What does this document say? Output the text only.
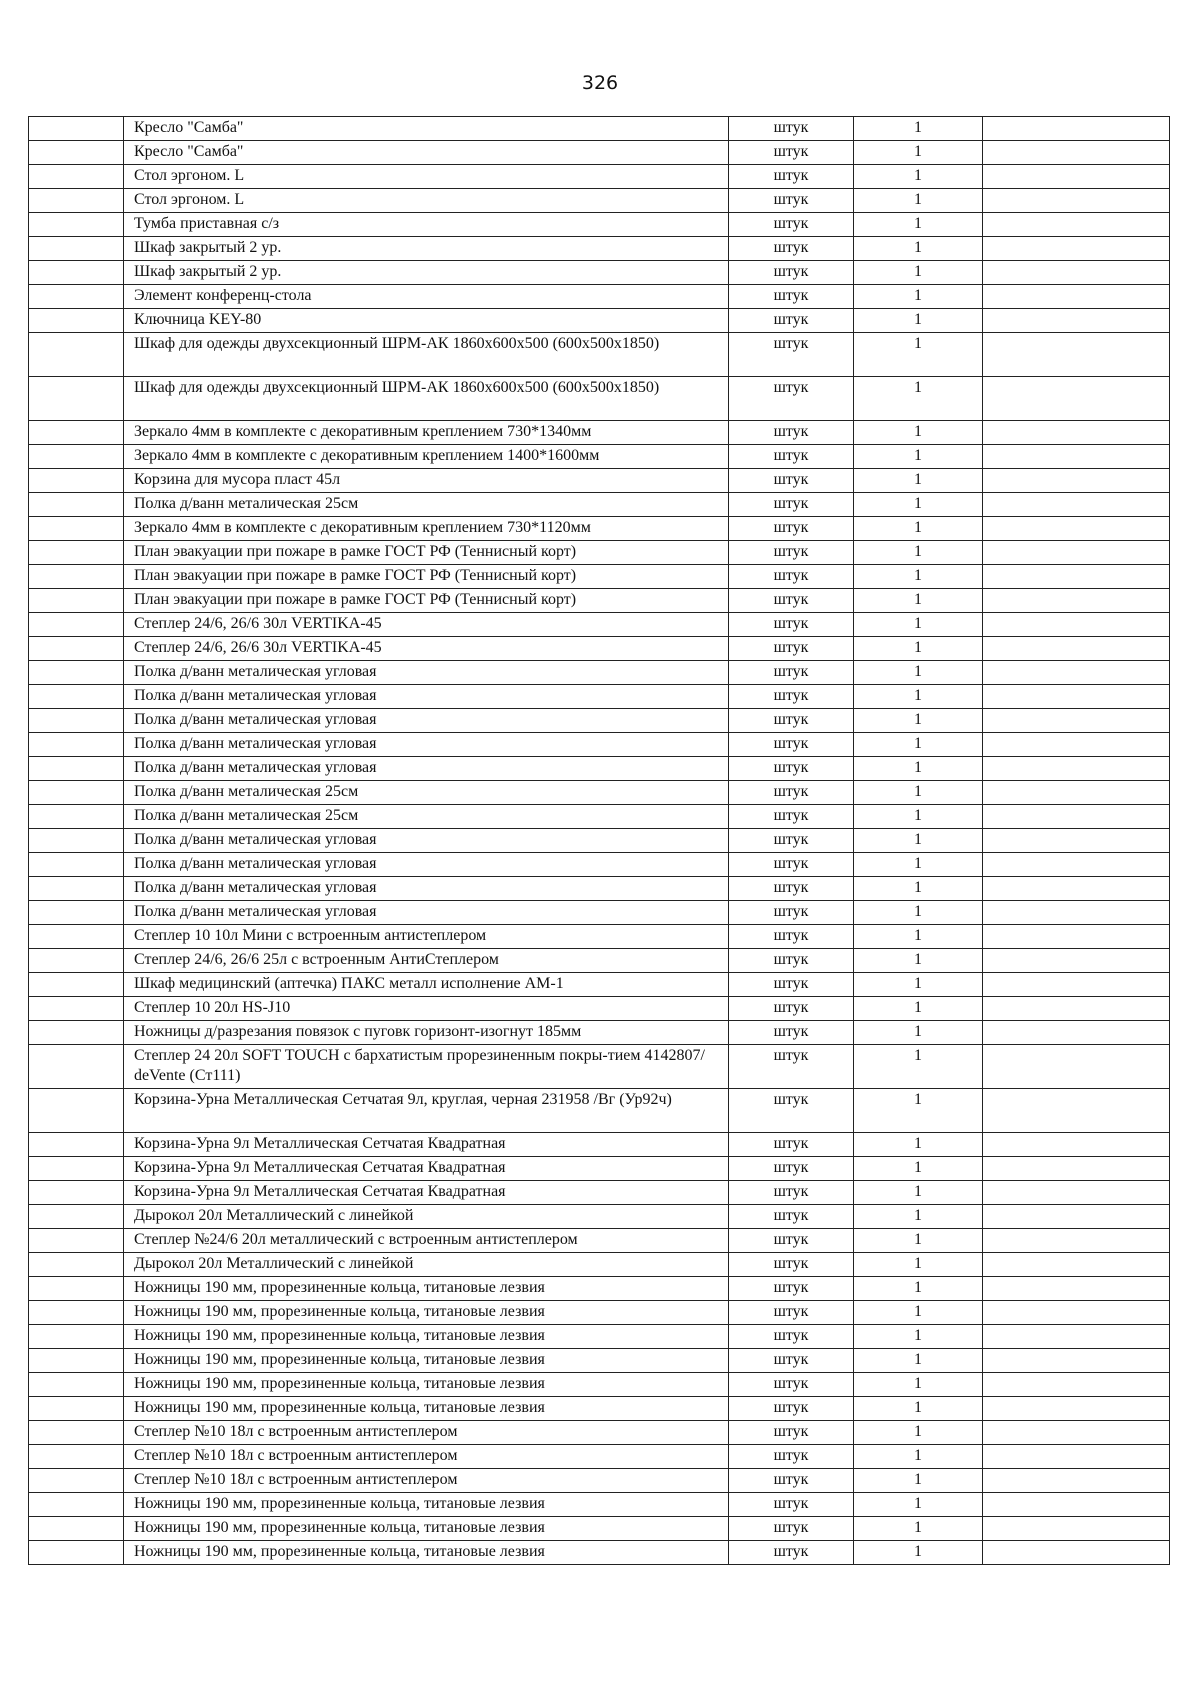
326
	Кресло "Самба"	штук	1	
	Кресло "Самба"	штук	1	
	Стол эргоном. L	штук	1	
	Стол эргоном. L	штук	1	
	Тумба приставная с/з	штук	1	
	Шкаф закрытый 2 ур.	штук	1	
	Шкаф закрытый 2 ур.	штук	1	
	Элемент конференц-стола	штук	1	
	Ключница KEY-80	штук	1	
	Шкаф для одежды двухсекционный ШРМ-АК 1860х600х500 (600х500х1850)	штук	1	
	Шкаф для одежды двухсекционный ШРМ-АК 1860х600х500 (600х500х1850)	штук	1	
	Зеркало 4мм в комплекте с декоративным креплением 730*1340мм	штук	1	
	Зеркало 4мм в комплекте с декоративным креплением 1400*1600мм	штук	1	
	Корзина для мусора пласт 45л	штук	1	
	Полка д/ванн металическая 25см	штук	1	
	Зеркало 4мм в комплекте с декоративным креплением 730*1120мм	штук	1	
	План эвакуации при пожаре в рамке ГОСТ РФ (Теннисный корт)	штук	1	
	План эвакуации при пожаре в рамке ГОСТ РФ (Теннисный корт)	штук	1	
	План эвакуации при пожаре в рамке ГОСТ РФ (Теннисный корт)	штук	1	
	Степлер 24/6, 26/6 30л VERTIKA-45	штук	1	
	Степлер 24/6, 26/6 30л VERTIKA-45	штук	1	
	Полка д/ванн металическая угловая	штук	1	
	Полка д/ванн металическая угловая	штук	1	
	Полка д/ванн металическая угловая	штук	1	
	Полка д/ванн металическая угловая	штук	1	
	Полка д/ванн металическая угловая	штук	1	
	Полка д/ванн металическая 25см	штук	1	
	Полка д/ванн металическая 25см	штук	1	
	Полка д/ванн металическая угловая	штук	1	
	Полка д/ванн металическая угловая	штук	1	
	Полка д/ванн металическая угловая	штук	1	
	Полка д/ванн металическая угловая	штук	1	
	Степлер 10 10л Мини с встроенным антистеплером	штук	1	
	Степлер 24/6, 26/6 25л с встроенным АнтиСтеплером	штук	1	
	Шкаф медицинский (аптечка) ПАКС металл исполнение АМ-1	штук	1	
	Степлер 10 20л HS-J10	штук	1	
	Ножницы д/разрезания повязок с пуговк горизонт-изогнут 185мм	штук	1	
	Степлер 24 20л SOFT TOUCH с бархатистым прорезиненным покры-тием 4142807/ deVente (Ст111)	штук	1	
	Корзина-Урна Металлическая Сетчатая 9л, круглая, черная 231958 /Вг (Ур92ч)	штук	1	
	Корзина-Урна 9л Металлическая Сетчатая Квадратная	штук	1	
	Корзина-Урна 9л Металлическая Сетчатая Квадратная	штук	1	
	Корзина-Урна 9л Металлическая Сетчатая Квадратная	штук	1	
	Дырокол 20л Металлический с линейкой	штук	1	
	Степлер №24/6 20л металлический с встроенным антистеплером	штук	1	
	Дырокол 20л Металлический с линейкой	штук	1	
	Ножницы 190 мм, прорезиненные кольца, титановые лезвия	штук	1	
	Ножницы 190 мм, прорезиненные кольца, титановые лезвия	штук	1	
	Ножницы 190 мм, прорезиненные кольца, титановые лезвия	штук	1	
	Ножницы 190 мм, прорезиненные кольца, титановые лезвия	штук	1	
	Ножницы 190 мм, прорезиненные кольца, титановые лезвия	штук	1	
	Ножницы 190 мм, прорезиненные кольца, титановые лезвия	штук	1	
	Степлер №10 18л с встроенным антистеплером	штук	1	
	Степлер №10 18л с встроенным антистеплером	штук	1	
	Степлер №10 18л с встроенным антистеплером	штук	1	
	Ножницы 190 мм, прорезиненные кольца, титановые лезвия	штук	1	
	Ножницы 190 мм, прорезиненные кольца, титановые лезвия	штук	1	
	Ножницы 190 мм, прорезиненные кольца, титановые лезвия	штук	1	
